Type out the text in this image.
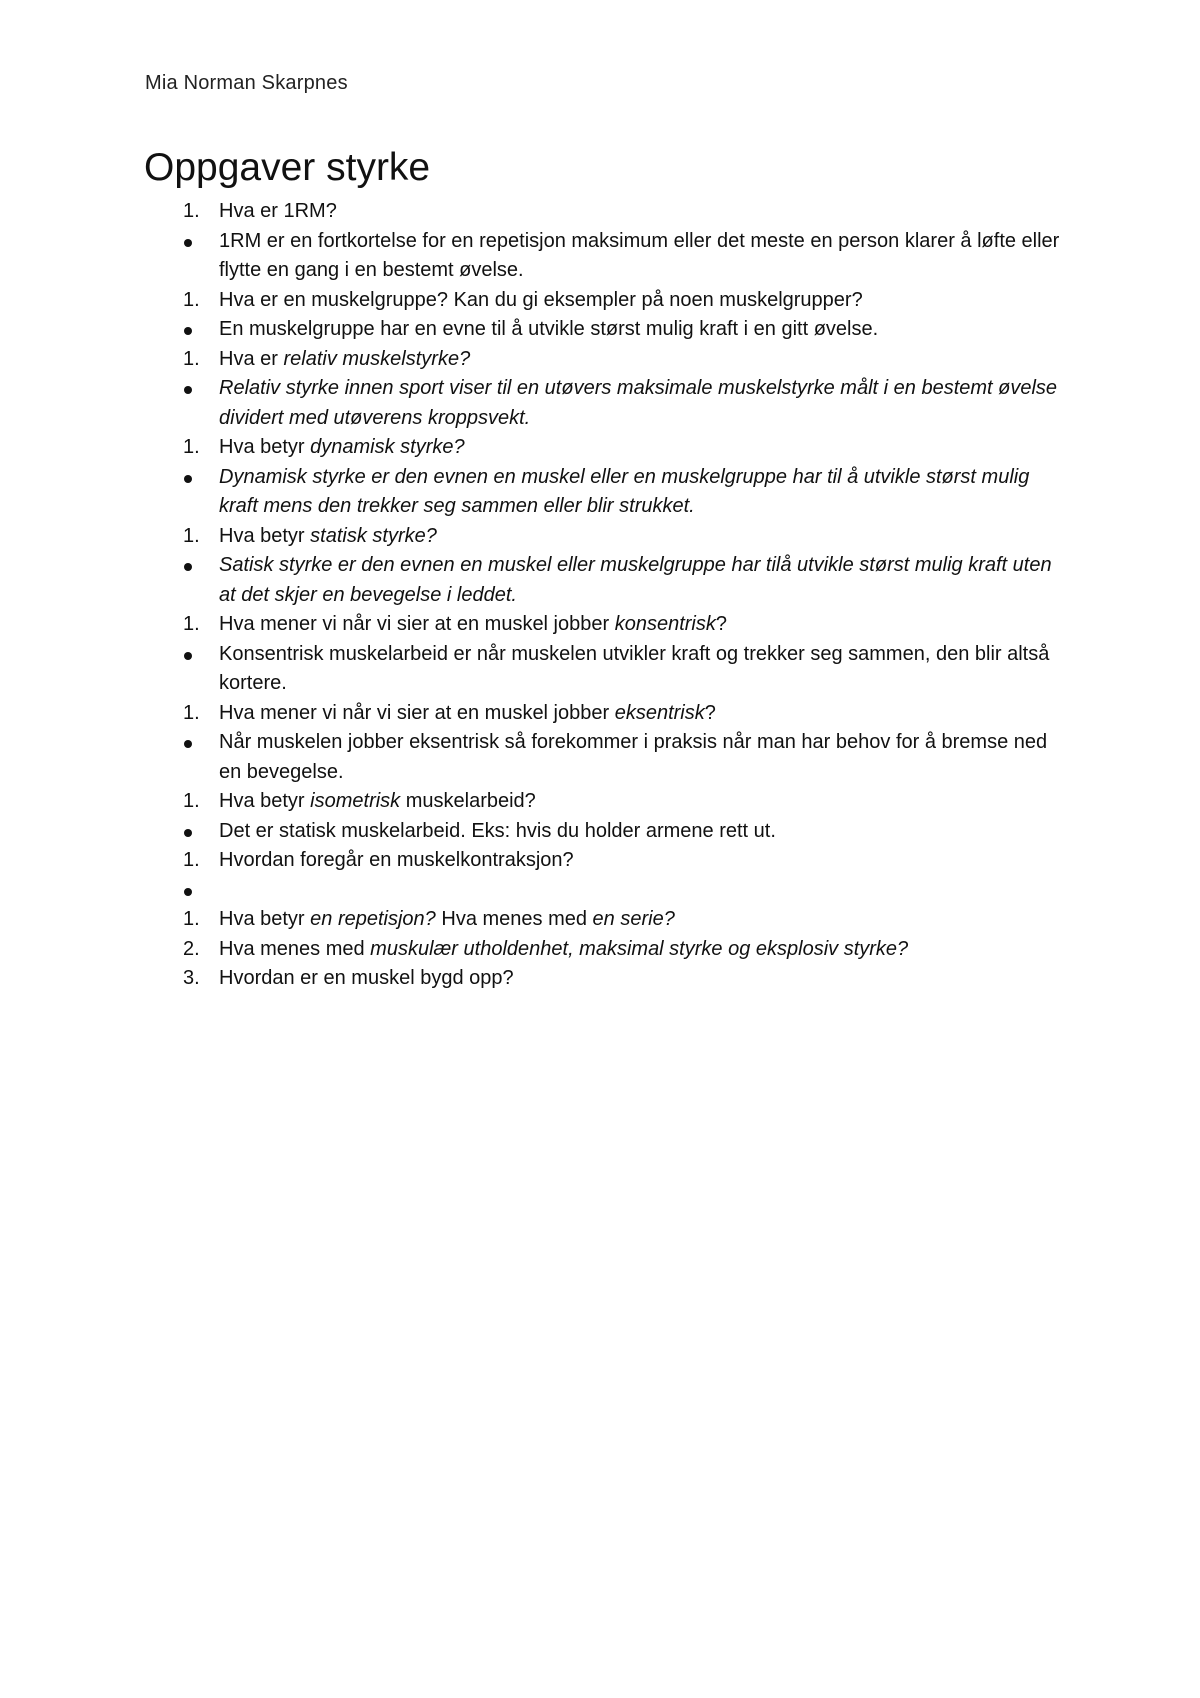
Mia Norman Skarpnes
Oppgaver styrke
1. Hva er 1RM?
1RM er en fortkortelse for en repetisjon maksimum eller det meste en person klarer å løfte eller flytte en gang i en bestemt øvelse.
1. Hva er en muskelgruppe? Kan du gi eksempler på noen muskelgrupper?
En muskelgruppe har en evne til å utvikle størst mulig kraft i en gitt øvelse.
1. Hva er relativ muskelstyrke?
Relativ styrke innen sport viser til en utøvers maksimale muskelstyrke målt i en bestemt øvelse dividert med utøverens kroppsvekt.
1. Hva betyr dynamisk styrke?
Dynamisk styrke er den evnen en muskel eller en muskelgruppe har til å utvikle størst mulig kraft mens den trekker seg sammen eller blir strukket.
1. Hva betyr statisk styrke?
Satisk styrke er den evnen en muskel eller muskelgruppe har tilå utvikle størst mulig kraft uten at det skjer en bevegelse i leddet.
1. Hva mener vi når vi sier at en muskel jobber konsentrisk?
Konsentrisk muskelarbeid er når muskelen utvikler kraft og trekker seg sammen, den blir altså kortere.
1. Hva mener vi når vi sier at en muskel jobber eksentrisk?
Når muskelen jobber eksentrisk så forekommer i praksis når man har behov for å bremse ned en bevegelse.
1. Hva betyr isometrisk muskelarbeid?
Det er statisk muskelarbeid. Eks: hvis du holder armene rett ut.
1. Hvordan foregår en muskelkontraksjon?

1. Hva betyr en repetisjon? Hva menes med en serie?
2. Hva menes med muskulær utholdenhet, maksimal styrke og eksplosiv styrke?
3. Hvordan er en muskel bygd opp?
